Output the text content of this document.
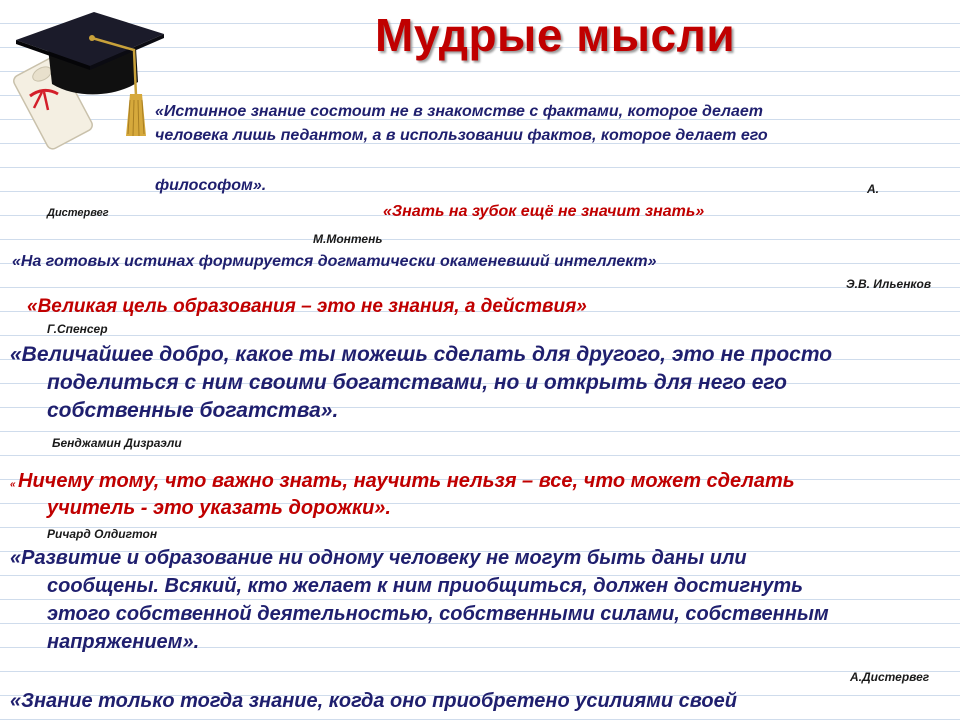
Мудрые мысли

«Истинное знание состоит не в знакомстве с фактами, которое делает

человека лишь педантом, а в использовании фактов, которое делает его

философом».	А.

Дистервег	«Знать на зубок ещё не значит знать»

М.Монтень

«На готовых истинах формируется догматически окаменевший интеллект»

Э.В. Ильенков

«Великая цель образования – это не знания, а действия»

Г.Спенсер

«Величайшее добро, какое ты можешь сделать для другого, это не просто

поделиться с ним своими богатствами, но и открыть для него его

собственные богатства».

Бенджамин Дизраэли

« Ничему тому, что важно знать, научить нельзя – все, что может сделать

учитель - это указать дорожки».

Ричард Олдигтон

«Развитие и образование ни одному человеку не могут быть даны или

сообщены. Всякий, кто желает к ним приобщиться, должен достигнуть

этого собственной деятельностью, собственными силами, собственным

напряжением».

А.Дистервег

«Знание только тогда знание, когда оно приобретено усилиями своей
